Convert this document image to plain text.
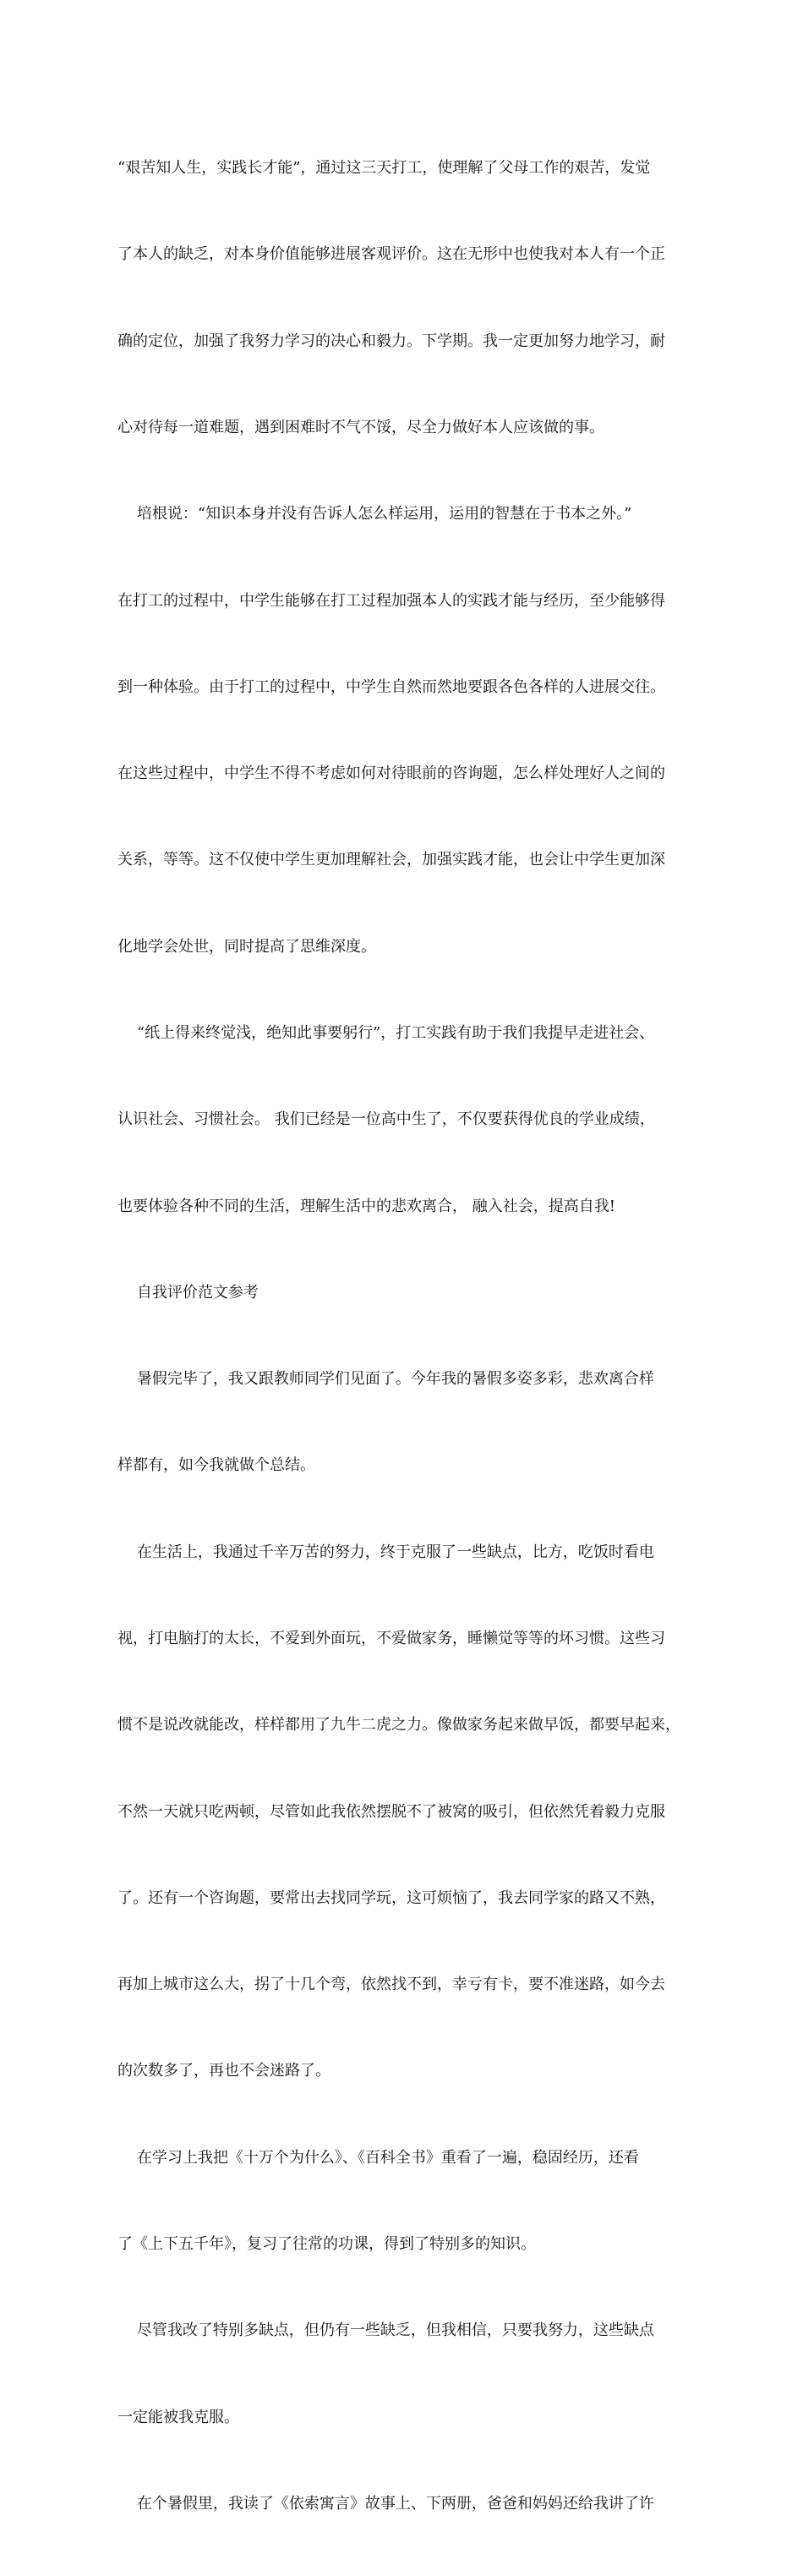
“艰苦知人生，实践长才能”，通过这三天打工，使理解了父母工作的艰苦，发觉

了本人的缺乏，对本身价值能够进展客观评价。这在无形中也使我对本人有一个正

确的定位，加强了我努力学习的决心和毅力。下学期。我一定更加努力地学习，耐

心对待每一道难题，遇到困难时不气不馁，尽全力做好本人应该做的事。

培根说：“知识本身并没有告诉人怎么样运用，运用的智慧在于书本之外。”

在打工的过程中，中学生能够在打工过程加强本人的实践才能与经历，至少能够得

到一种体验。由于打工的过程中，中学生自然而然地要跟各色各样的人进展交往。

在这些过程中，中学生不得不考虑如何对待眼前的咨询题，怎么样处理好人之间的

关系，等等。这不仅使中学生更加理解社会，加强实践才能，也会让中学生更加深

化地学会处世，同时提高了思维深度。

“纸上得来终觉浅，绝知此事要躬行”，打工实践有助于我们我提早走进社会、

认识社会、习惯社会。 我们已经是一位高中生了，不仅要获得优良的学业成绩，

也要体验各种不同的生活，理解生活中的悲欢离合， 融入社会，提高自我!

自我评价范文参考

暑假完毕了，我又跟教师同学们见面了。今年我的暑假多姿多彩，悲欢离合样

样都有，如今我就做个总结。

在生活上，我通过千辛万苦的努力，终于克服了一些缺点，比方，吃饭时看电

视，打电脑打的太长，不爱到外面玩，不爱做家务，睡懒觉等等的坏习惯。这些习

惯不是说改就能改，样样都用了九牛二虎之力。像做家务起来做早饭，都要早起来，

不然一天就只吃两顿，尽管如此我依然摆脱不了被窝的吸引，但依然凭着毅力克服

了。还有一个咨询题，要常出去找同学玩，这可烦恼了，我去同学家的路又不熟，

再加上城市这么大，拐了十几个弯，依然找不到，幸亏有卡，要不准迷路，如今去

的次数多了，再也不会迷路了。

在学习上我把《十万个为什么》、《百科全书》重看了一遍，稳固经历，还看

了《上下五千年》，复习了往常的功课，得到了特别多的知识。

尽管我改了特别多缺点，但仍有一些缺乏，但我相信，只要我努力，这些缺点

一定能被我克服。

在个暑假里，我读了《依索寓言》故事上、下两册，爸爸和妈妈还给我讲了许
